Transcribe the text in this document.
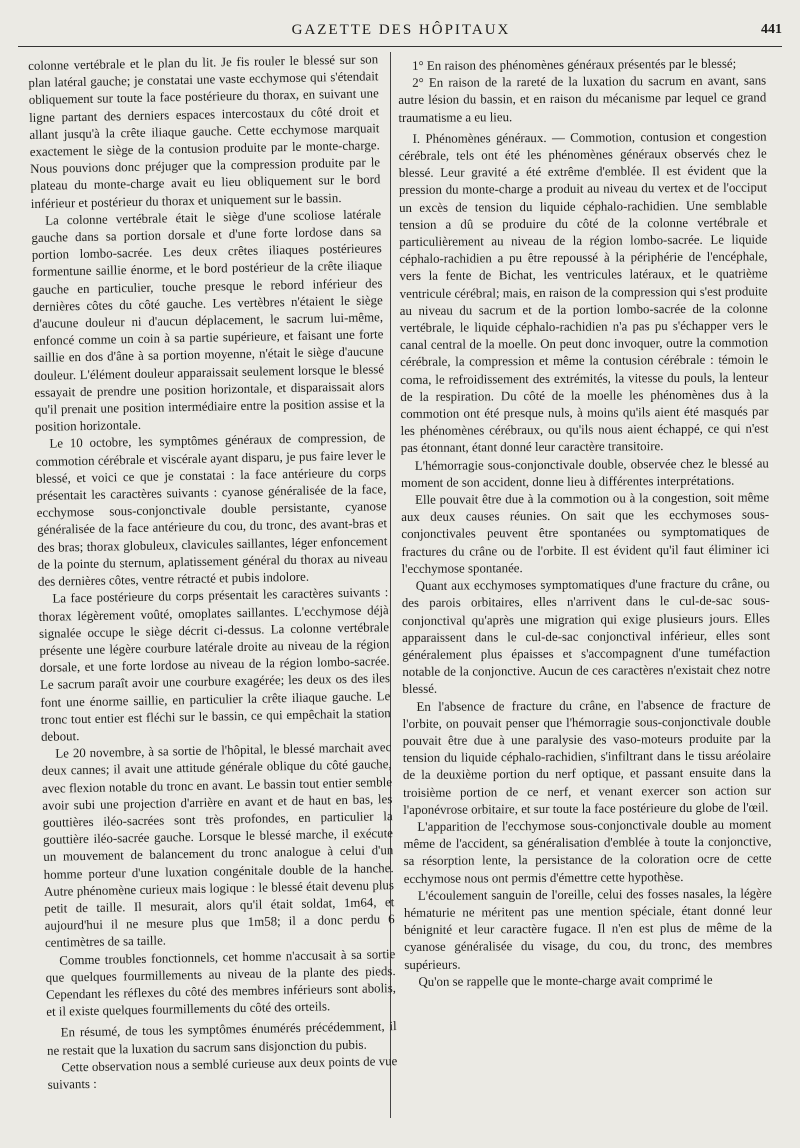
GAZETTE DES HÔPITAUX	441

colonne vertébrale et le plan du lit. Je fis rouler le blessé sur son plan latéral gauche; je constatai une vaste ecchymose qui s'étendait obliquement sur toute la face postérieure du thorax, en suivant une ligne partant des derniers espaces intercostaux du côté droit et allant jusqu'à la crête iliaque gauche. Cette ecchymose marquait exactement le siège de la contusion produite par le monte-charge. Nous pouvions donc préjuger que la compression produite par le plateau du monte-charge avait eu lieu obliquement sur le bord inférieur et postérieur du thorax et uniquement sur le bassin.

La colonne vertébrale était le siège d'une scoliose latérale gauche dans sa portion dorsale et d'une forte lordose dans sa portion lombo-sacrée. Les deux crêtes iliaques postérieures formentune saillie énorme, et le bord postérieur de la crête iliaque gauche en particulier, touche presque le rebord inférieur des dernières côtes du côté gauche. Les vertèbres n'étaient le siège d'aucune douleur ni d'aucun déplacement, le sacrum lui-même, enfoncé comme un coin à sa partie supérieure, et faisant une forte saillie en dos d'âne à sa portion moyenne, n'était le siège d'aucune douleur. L'élément douleur apparaissait seulement lorsque le blessé essayait de prendre une position horizontale, et disparaissait alors qu'il prenait une position intermédiaire entre la position assise et la position horizontale.

Le 10 octobre, les symptômes généraux de compression, de commotion cérébrale et viscérale ayant disparu, je pus faire lever le blessé, et voici ce que je constatai : la face antérieure du corps présentait les caractères suivants : cyanose généralisée de la face, ecchymose sous-conjonctivale double persistante, cyanose généralisée de la face antérieure du cou, du tronc, des avant-bras et des bras; thorax globuleux, clavicules saillantes, léger enfoncement de la pointe du sternum, aplatissement général du thorax au niveau des dernières côtes, ventre rétracté et pubis indolore.

La face postérieure du corps présentait les caractères suivants : thorax légèrement voûté, omoplates saillantes. L'ecchymose déjà signalée occupe le siège décrit ci-dessus. La colonne vertébrale présente une légère courbure latérale droite au niveau de la région dorsale, et une forte lordose au niveau de la région lombo-sacrée. Le sacrum paraît avoir une courbure exagérée; les deux os des iles font une énorme saillie, en particulier la crête iliaque gauche. Le tronc tout entier est fléchi sur le bassin, ce qui empêchait la station debout.

Le 20 novembre, à sa sortie de l'hôpital, le blessé marchait avec deux cannes; il avait une attitude générale oblique du côté gauche, avec flexion notable du tronc en avant. Le bassin tout entier semble avoir subi une projection d'arrière en avant et de haut en bas, les gouttières iléo-sacrées sont très profondes, en particulier la gouttière iléo-sacrée gauche. Lorsque le blessé marche, il exécute un mouvement de balancement du tronc analogue à celui d'un homme porteur d'une luxation congénitale double de la hanche. Autre phénomène curieux mais logique : le blessé était devenu plus petit de taille. Il mesurait, alors qu'il était soldat, 1m64, et aujourd'hui il ne mesure plus que 1m58; il a donc perdu 6 centimètres de sa taille.

Comme troubles fonctionnels, cet homme n'accusait à sa sortie que quelques fourmillements au niveau de la plante des pieds. Cependant les réflexes du côté des membres inférieurs sont abolis, et il existe quelques fourmillements du côté des orteils.

En résumé, de tous les symptômes énumérés précédemment, il ne restait que la luxation du sacrum sans disjonction du pubis.

Cette observation nous a semblé curieuse aux deux points de vue suivants :

1° En raison des phénomènes généraux présentés par le blessé;

2° En raison de la rareté de la luxation du sacrum en avant, sans autre lésion du bassin, et en raison du mécanisme par lequel ce grand traumatisme a eu lieu.

I. Phénomènes généraux. — Commotion, contusion et congestion cérébrale, tels ont été les phénomènes généraux observés chez le blessé. Leur gravité a été extrême d'emblée. Il est évident que la pression du monte-charge a produit au niveau du vertex et de l'occiput un excès de tension du liquide céphalo-rachidien. Une semblable tension a dû se produire du côté de la colonne vertébrale et particulièrement au niveau de la région lombo-sacrée. Le liquide céphalo-rachidien a pu être repoussé à la périphérie de l'encéphale, vers la fente de Bichat, les ventricules latéraux, et le quatrième ventricule cérébral; mais, en raison de la compression qui s'est produite au niveau du sacrum et de la portion lombo-sacrée de la colonne vertébrale, le liquide céphalo-rachidien n'a pas pu s'échapper vers le canal central de la moelle. On peut donc invoquer, outre la commotion cérébrale, la compression et même la contusion cérébrale : témoin le coma, le refroidissement des extrémités, la vitesse du pouls, la lenteur de la respiration. Du côté de la moelle les phénomènes dus à la commotion ont été presque nuls, à moins qu'ils aient été masqués par les phénomènes cérébraux, ou qu'ils nous aient échappé, ce qui n'est pas étonnant, étant donné leur caractère transitoire.

L'hémorragie sous-conjonctivale double, observée chez le blessé au moment de son accident, donne lieu à différentes interprétations.

Elle pouvait être due à la commotion ou à la congestion, soit même aux deux causes réunies. On sait que les ecchymoses sous-conjonctivales peuvent être spontanées ou symptomatiques de fractures du crâne ou de l'orbite. Il est évident qu'il faut éliminer ici l'ecchymose spontanée.

Quant aux ecchymoses symptomatiques d'une fracture du crâne, ou des parois orbitaires, elles n'arrivent dans le cul-de-sac sous-conjonctival qu'après une migration qui exige plusieurs jours. Elles apparaissent dans le cul-de-sac conjonctival inférieur, elles sont généralement plus épaisses et s'accompagnent d'une tuméfaction notable de la conjonctive. Aucun de ces caractères n'existait chez notre blessé.

En l'absence de fracture du crâne, en l'absence de fracture de l'orbite, on pouvait penser que l'hémorragie sous-conjonctivale double pouvait être due à une paralysie des vaso-moteurs produite par la tension du liquide céphalo-rachidien, s'infiltrant dans le tissu aréolaire de la deuxième portion du nerf optique, et passant ensuite dans la troisième portion de ce nerf, et venant exercer son action sur l'aponévrose orbitaire, et sur toute la face postérieure du globe de l'œil.

L'apparition de l'ecchymose sous-conjonctivale double au moment même de l'accident, sa généralisation d'emblée à toute la conjonctive, sa résorption lente, la persistance de la coloration ocre de cette ecchymose nous ont permis d'émettre cette hypothèse.

L'écoulement sanguin de l'oreille, celui des fosses nasales, la légère hématurie ne méritent pas une mention spéciale, étant donné leur bénignité et leur caractère fugace. Il n'en est plus de même de la cyanose généralisée du visage, du cou, du tronc, des membres supérieurs.

Qu'on se rappelle que le monte-charge avait comprimé le
